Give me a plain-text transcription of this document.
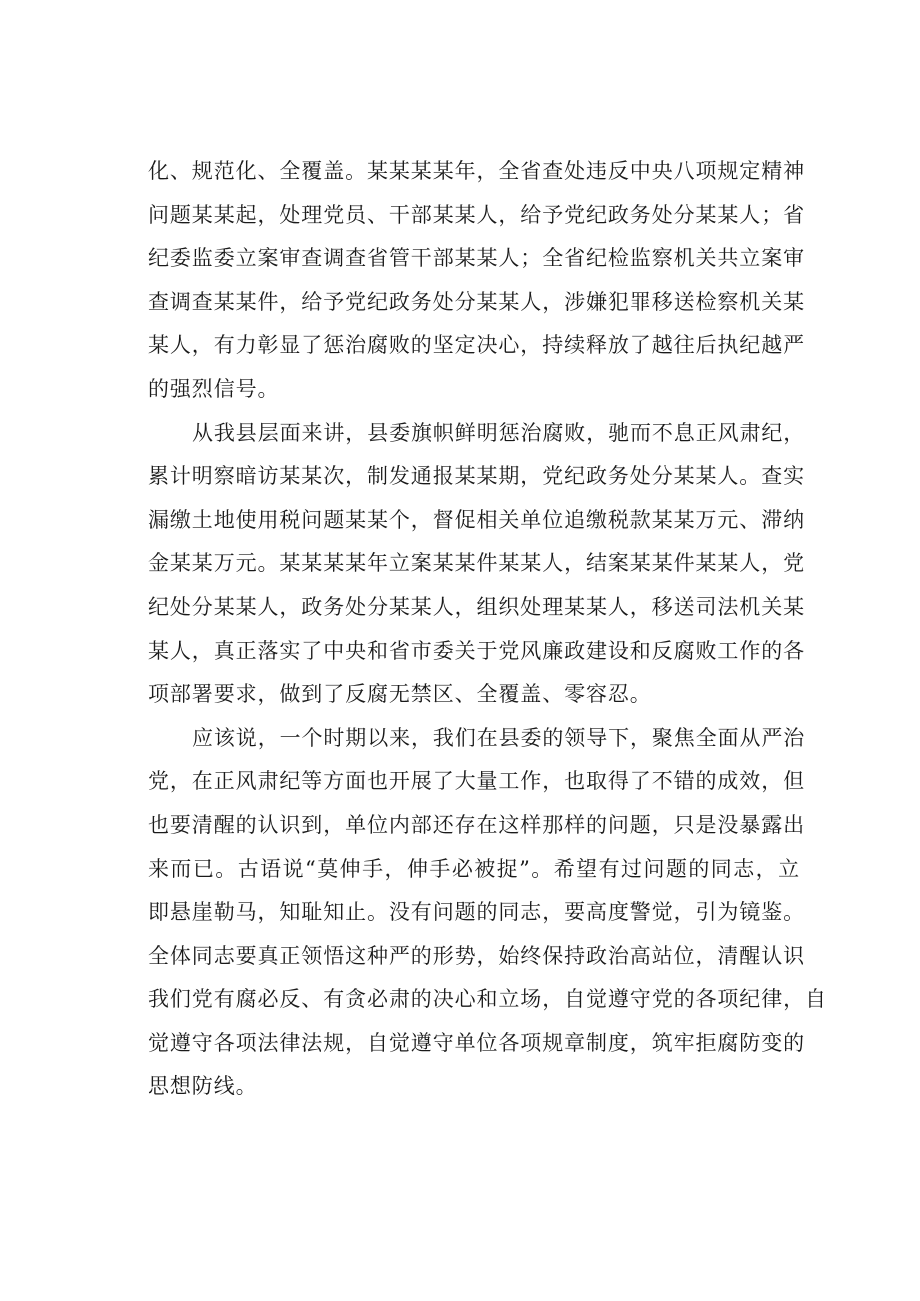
化、规范化、全覆盖。某某某某年，全省查处违反中央八项规定精神
问题某某起，处理党员、干部某某人，给予党纪政务处分某某人；省
纪委监委立案审查调查省管干部某某人；全省纪检监察机关共立案审
查调查某某件，给予党纪政务处分某某人，涉嫌犯罪移送检察机关某
某人，有力彰显了惩治腐败的坚定决心，持续释放了越往后执纪越严
的强烈信号。

从我县层面来讲，县委旗帜鲜明惩治腐败，驰而不息正风肃纪，
累计明察暗访某某次，制发通报某某期，党纪政务处分某某人。查实
漏缴土地使用税问题某某个，督促相关单位追缴税款某某万元、滞纳
金某某万元。某某某某年立案某某件某某人，结案某某件某某人，党
纪处分某某人，政务处分某某人，组织处理某某人，移送司法机关某
某人，真正落实了中央和省市委关于党风廉政建设和反腐败工作的各
项部署要求，做到了反腐无禁区、全覆盖、零容忍。

应该说，一个时期以来，我们在县委的领导下，聚焦全面从严治
党，在正风肃纪等方面也开展了大量工作，也取得了不错的成效，但
也要清醒的认识到，单位内部还存在这样那样的问题，只是没暴露出
来而已。古语说“莫伸手，伸手必被捉”。希望有过问题的同志，立
即悬崖勒马，知耻知止。没有问题的同志，要高度警觉，引为镜鉴。
全体同志要真正领悟这种严的形势，始终保持政治高站位，清醒认识
我们党有腐必反、有贪必肃的决心和立场，自觉遵守党的各项纪律，自
觉遵守各项法律法规，自觉遵守单位各项规章制度，筑牢拒腐防变的
思想防线。
